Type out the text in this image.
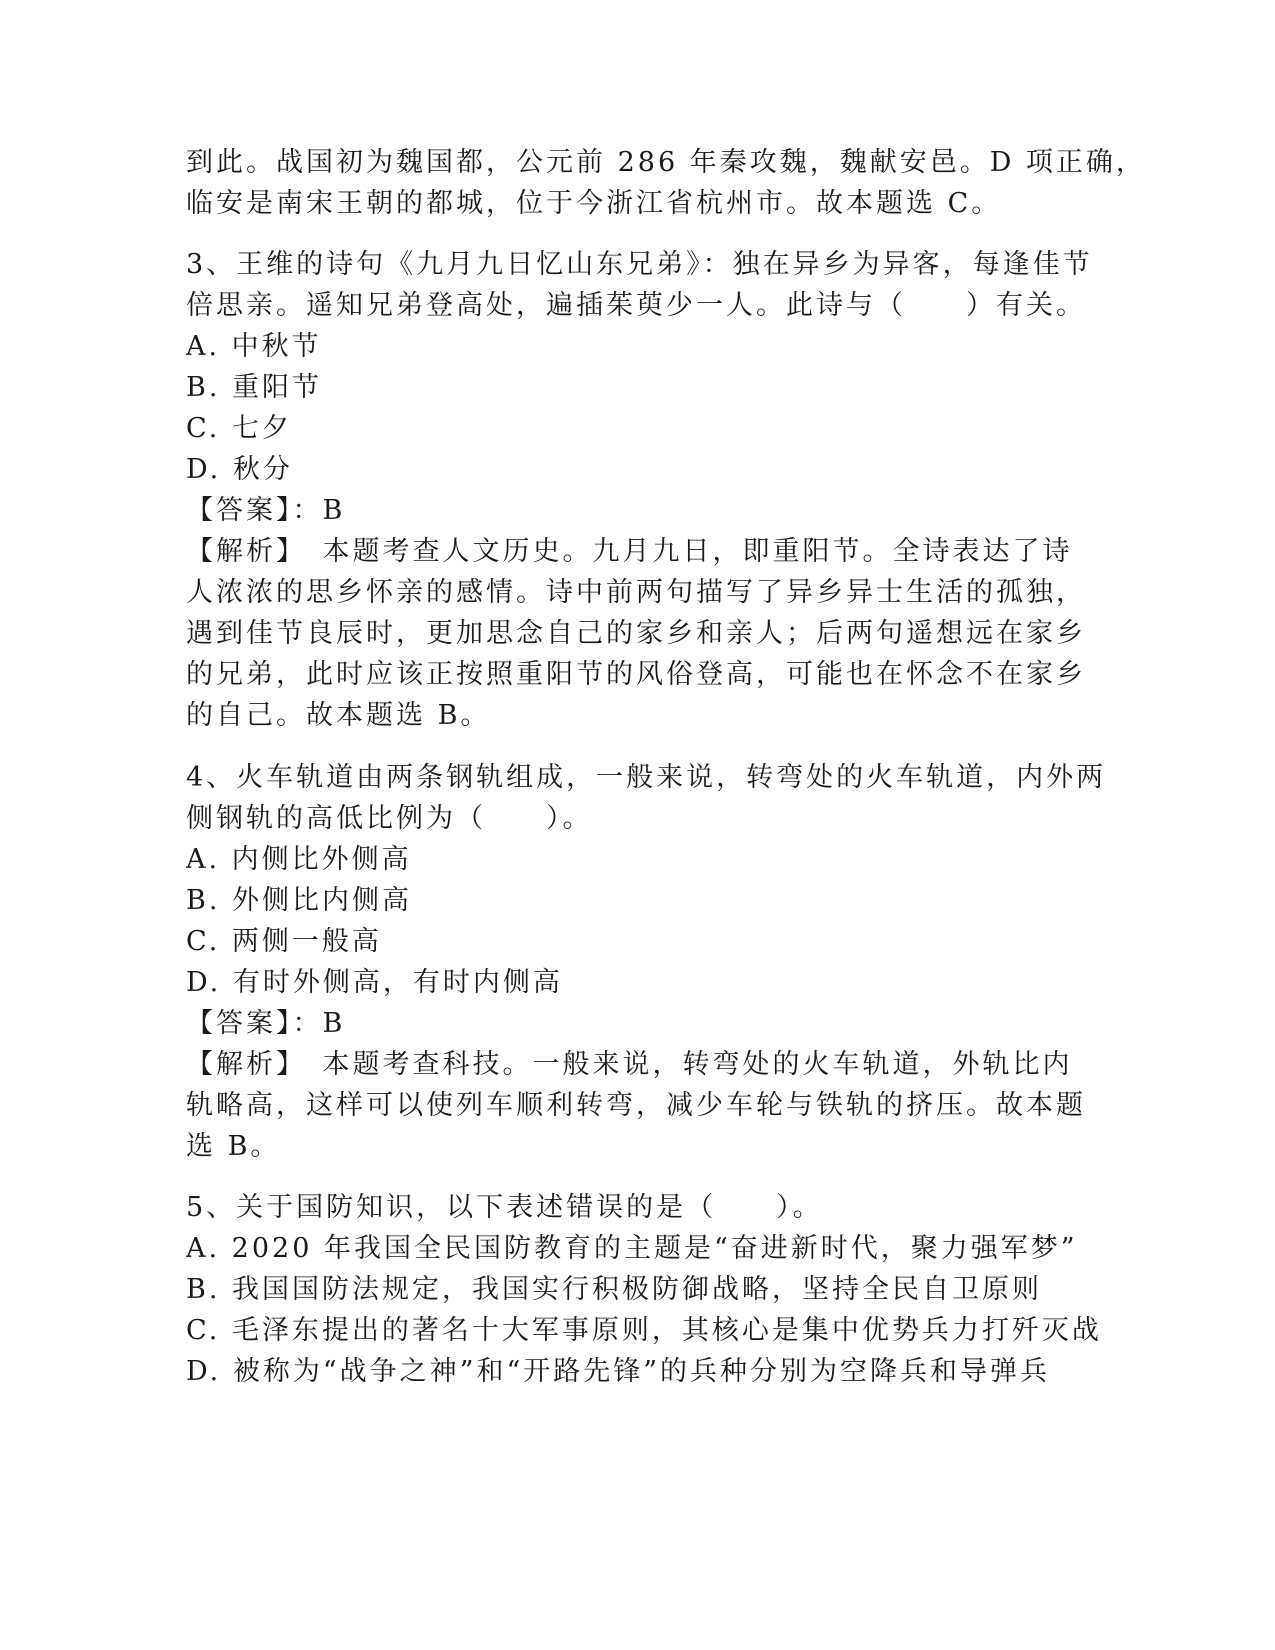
到此。战国初为魏国都，公元前 286 年秦攻魏，魏献安邑。D 项正确，
临安是南宋王朝的都城，位于今浙江省杭州市。故本题选 C。
3、王维的诗句《九月九日忆山东兄弟》：独在异乡为异客，每逢佳节
倍思亲。遥知兄弟登高处，遍插茱萸少一人。此诗与（　　）有关。
A. 中秋节
B. 重阳节
C. 七夕
D. 秋分
【答案】：B
【解析】　本题考查人文历史。九月九日，即重阳节。全诗表达了诗
人浓浓的思乡怀亲的感情。诗中前两句描写了异乡异士生活的孤独，
遇到佳节良辰时，更加思念自己的家乡和亲人；后两句遥想远在家乡
的兄弟，此时应该正按照重阳节的风俗登高，可能也在怀念不在家乡
的自己。故本题选 B。
4、火车轨道由两条钢轨组成，一般来说，转弯处的火车轨道，内外两
侧钢轨的高低比例为（　　）。
A. 内侧比外侧高
B. 外侧比内侧高
C. 两侧一般高
D. 有时外侧高，有时内侧高
【答案】：B
【解析】　本题考查科技。一般来说，转弯处的火车轨道，外轨比内
轨略高，这样可以使列车顺利转弯，减少车轮与铁轨的挤压。故本题
选 B。
5、关于国防知识，以下表述错误的是（　　）。
A. 2020 年我国全民国防教育的主题是“奋进新时代，聚力强军梦”
B. 我国国防法规定，我国实行积极防御战略，坚持全民自卫原则
C. 毛泽东提出的著名十大军事原则，其核心是集中优势兵力打歼灭战
D. 被称为“战争之神”和“开路先锋”的兵种分别为空降兵和导弹兵
